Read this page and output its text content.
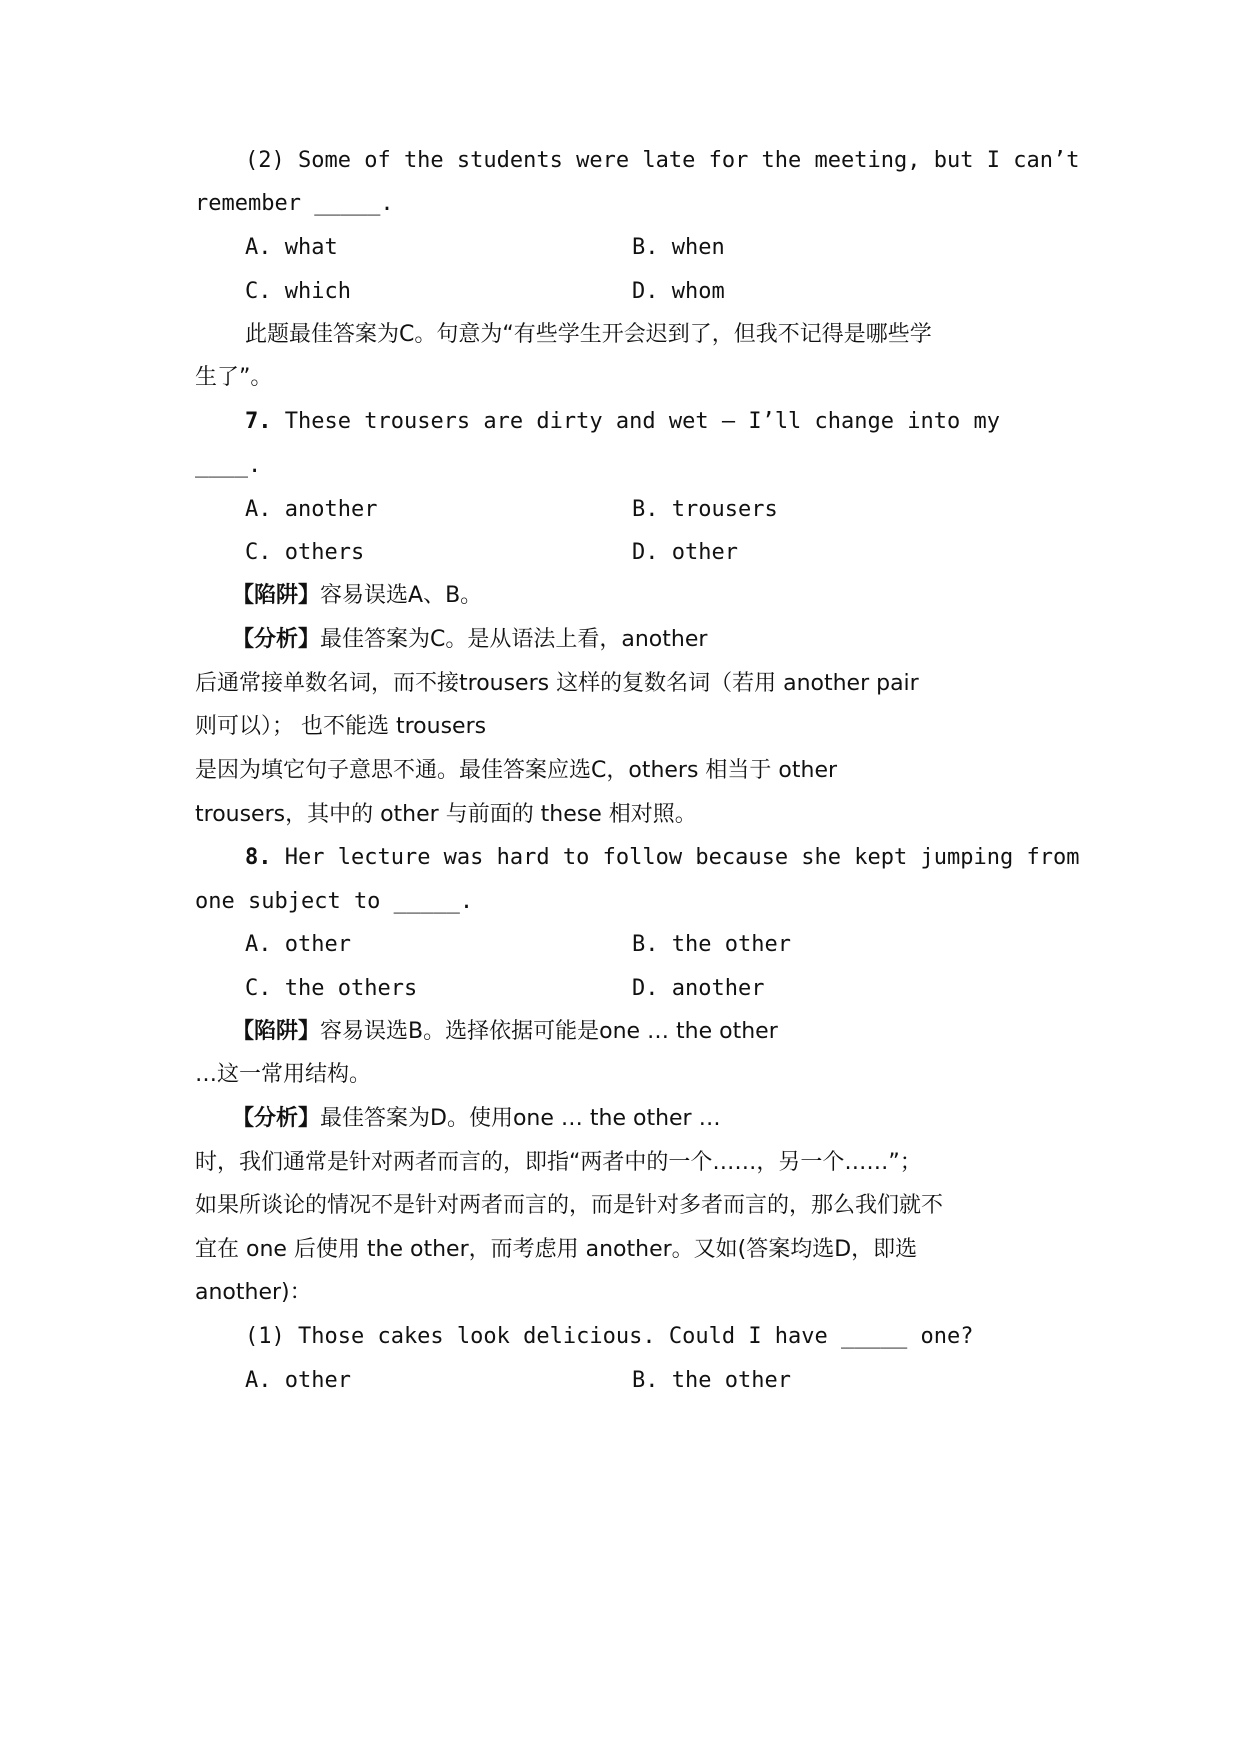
(2) Some of the students were late for the meeting, but I can’t
remember _____.
A. what	B. when
C. which	D. whom
此题最佳答案为C。句意为“有些学生开会迟到了，但我不记得是哪些学
生了”。
7. These trousers are dirty and wet — I’ll change into my
____.
A. another	B. trousers
C. others	D. other
【陷阱】容易误选A、B。
【分析】最佳答案为C。是从语法上看，another
后通常接单数名词，而不接trousers 这样的复数名词（若用 another pair
则可以）； 也不能选 trousers
是因为填它句子意思不通。最佳答案应选C，others 相当于 other
trousers，其中的 other 与前面的 these 相对照。
8. Her lecture was hard to follow because she kept jumping from
one subject to _____.
A. other	B. the other
C. the others	D. another
【陷阱】容易误选B。选择依据可能是one … the other
…这一常用结构。
【分析】最佳答案为D。使用one … the other …
时，我们通常是针对两者而言的，即指“两者中的一个……，另一个……”；
如果所谈论的情况不是针对两者而言的，而是针对多者而言的，那么我们就不
宜在 one 后使用 the other，而考虑用 another。又如(答案均选D，即选
another)：
(1) Those cakes look delicious. Could I have _____ one?
A. other	B. the other
